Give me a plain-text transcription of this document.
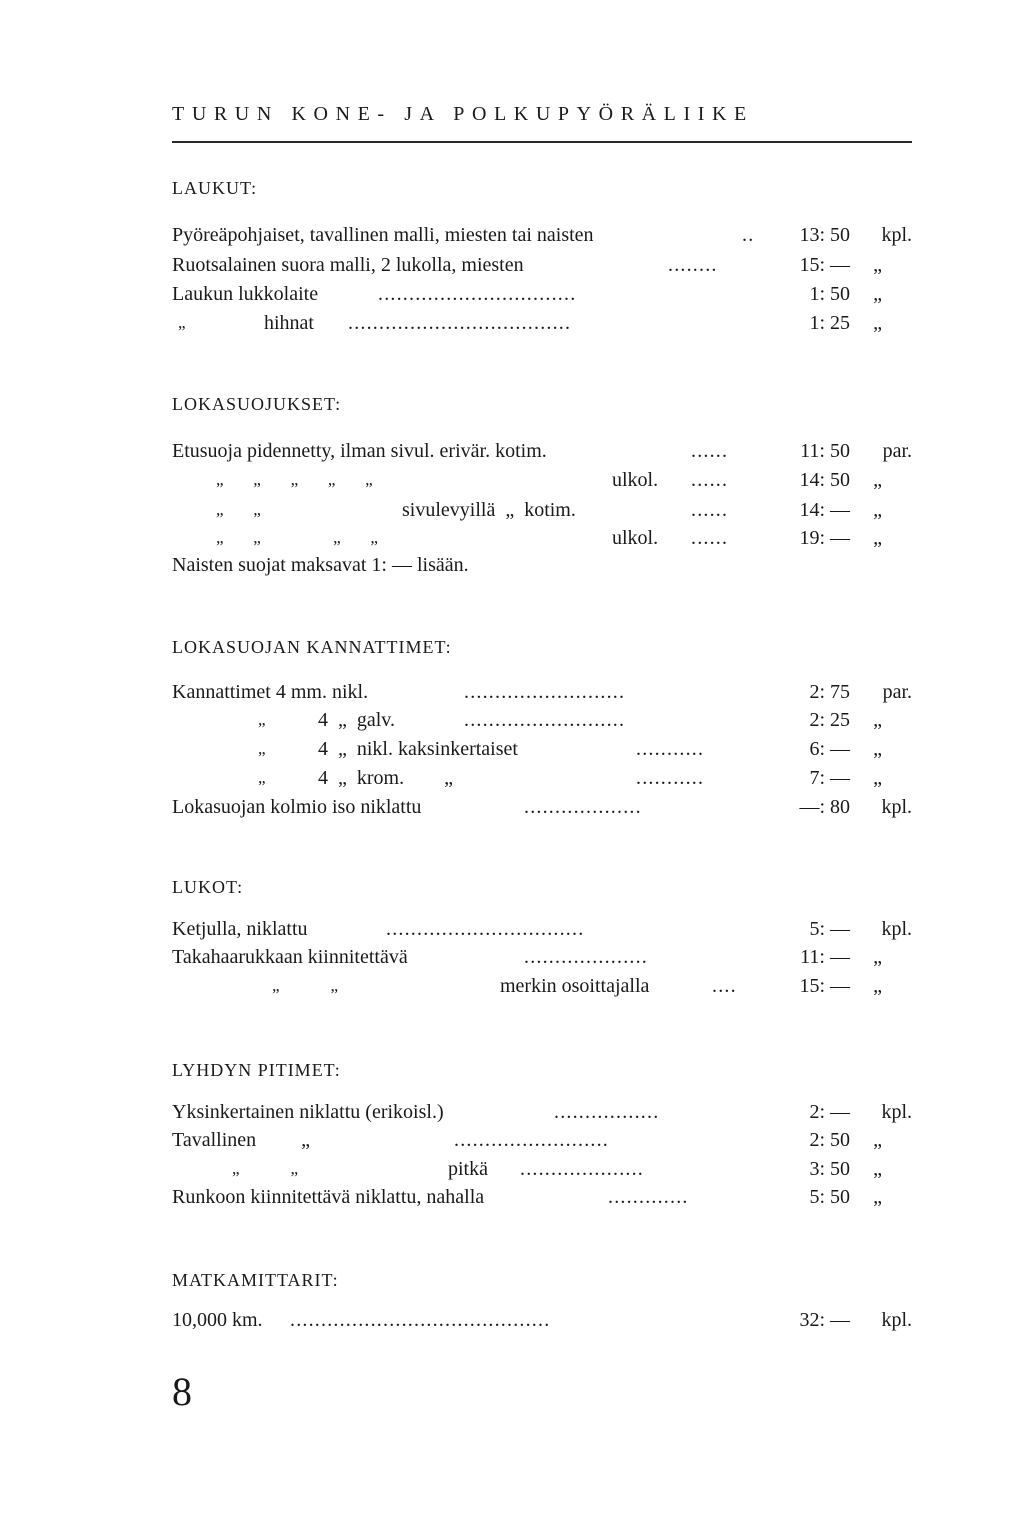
TURUN KONE- JA POLKUPYÖRÄLIIKE
LAUKUT:
Pyöreäpohjaiset, tavallinen malli, miesten tai naisten	..	13: 50 kpl.
Ruotsalainen suora malli, 2 lukolla, miesten	........	15: — „
Laukun lukkolaite	................................	1: 50 „
„	hihnat ....................................	1: 25 „
LOKASUOJUKSET:
Etusuoja pidennetty, ilman sivul. erivär. kotim.	......	11: 50 par.
„       „       „       „       „	ulkol. ......	14: 50 „
„       „	sivulevyillä  „  kotim.	......	14: — „
„       „                 „       „	ulkol. ......	19: — „
Naisten suojat maksavat 1: — lisään.
LOKASUOJAN KANNATTIMET:
Kannattimet 4 mm. nikl.	..........................	2: 75 par.
„	4  „  galv.	..........................	2: 25 „
„	4  „  nikl. kaksinkertaiset	...........	6: — „
„	4  „  krom.        „	...........	7: — „
Lokasuojan kolmio iso niklattu	...................	—: 80 kpl.
LUKOT:
Ketjulla, niklattu	................................	5: — kpl.
Takahaarukkaan kiinnitettävä	....................	11: — „
„            „	merkin osoittajalla	....	15: — „
LYHDYN PITIMET:
Yksinkertainen niklattu (erikoisl.)	.................	2: — kpl.
Tavallinen         „	.........................	2: 50 „
„            „	pitkä ....................	3: 50 „
Runkoon kiinnitettävä niklattu, nahalla	.............	5: 50 „
MATKAMITTARIT:
10,000 km. ..........................................	32: — kpl.
8
